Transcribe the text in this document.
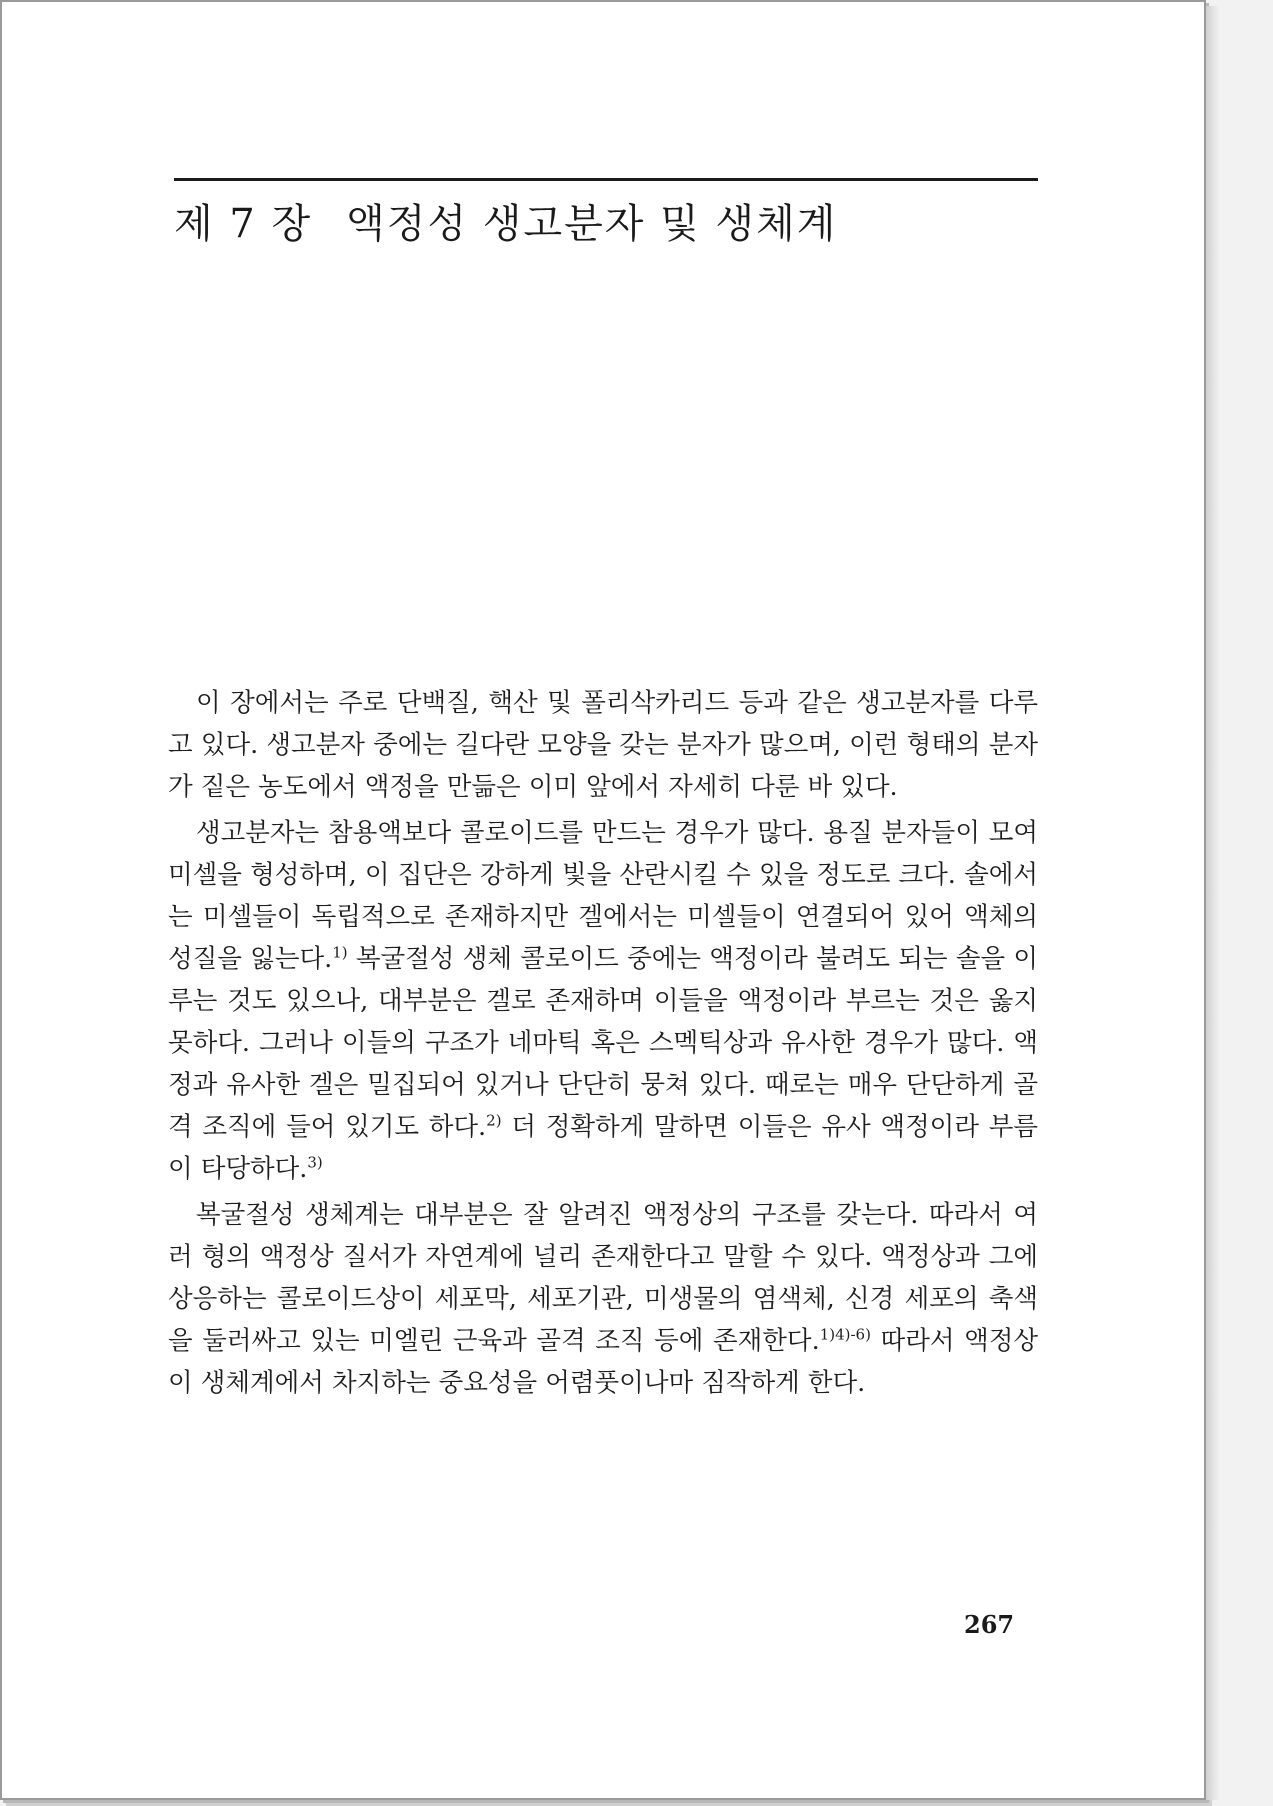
제 7 장 액정성 생고분자 및 생체계

이 장에서는 주로 단백질, 핵산 및 폴리삭카리드 등과 같은 생고분자를 다루고 있다. 생고분자 중에는 길다란 모양을 갖는 분자가 많으며, 이런 형태의 분자가 짙은 농도에서 액정을 만듦은 이미 앞에서 자세히 다룬 바 있다.

생고분자는 참용액보다 콜로이드를 만드는 경우가 많다. 용질 분자들이 모여 미셀을 형성하며, 이 집단은 강하게 빛을 산란시킬 수 있을 정도로 크다. 솔에서는 미셀들이 독립적으로 존재하지만 겔에서는 미셀들이 연결되어 있어 액체의 성질을 잃는다.$^{1)}$ 복굴절성 생체 콜로이드 중에는 액정이라 불려도 되는 솔을 이루는 것도 있으나, 대부분은 겔로 존재하며 이들을 액정이라 부르는 것은 옳지 못하다. 그러나 이들의 구조가 네마틱 혹은 스멕틱상과 유사한 경우가 많다. 액정과 유사한 겔은 밀집되어 있거나 단단히 뭉쳐 있다. 때로는 매우 단단하게 골격 조직에 들어 있기도 하다.$^{2)}$ 더 정확하게 말하면 이들은 유사 액정이라 부름이 타당하다.$^{3)}$

복굴절성 생체계는 대부분은 잘 알려진 액정상의 구조를 갖는다. 따라서 여러 형의 액정상 질서가 자연계에 널리 존재한다고 말할 수 있다. 액정상과 그에 상응하는 콜로이드상이 세포막, 세포기관, 미생물의 염색체, 신경 세포의 축색을 둘러싸고 있는 미엘린 근육과 골격 조직 등에 존재한다.$^{1)4)-6)}$ 따라서 액정상이 생체계에서 차지하는 중요성을 어렴풋이나마 짐작하게 한다.

267
